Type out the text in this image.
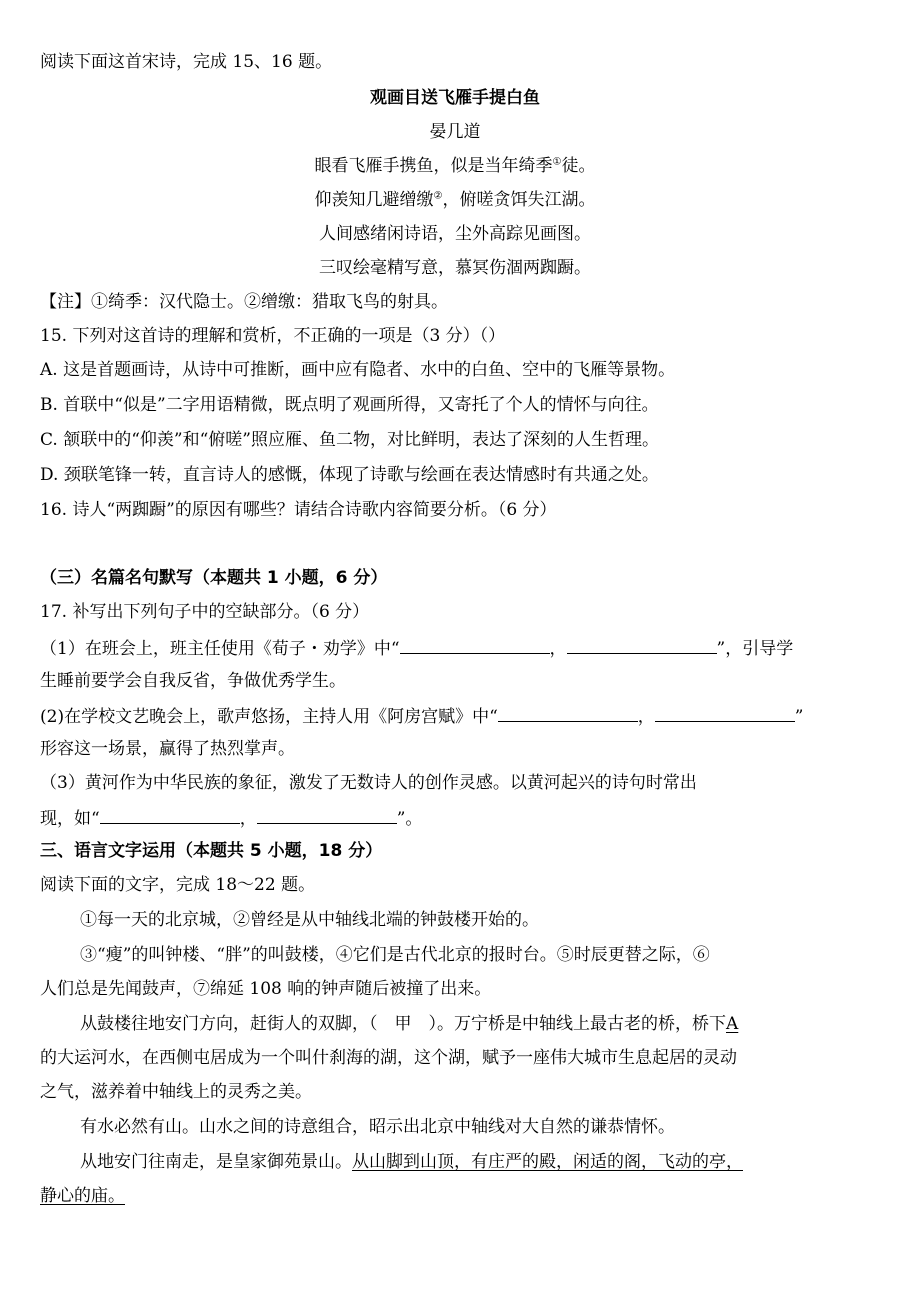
阅读下面这首宋诗，完成 15、16 题。
观画目送飞雁手提白鱼
晏几道
眼看飞雁手携鱼，似是当年绮季①徒。
仰羡知几避缯缴②，俯嗟贪饵失江湖。
人间感绪闲诗语，尘外高踪见画图。
三叹绘毫精写意，慕冥伤涸两踟蹰。
【注】①绮季：汉代隐士。②缯缴：猎取飞鸟的射具。
15. 下列对这首诗的理解和赏析，不正确的一项是（3 分）（）
A. 这是首题画诗，从诗中可推断，画中应有隐者、水中的白鱼、空中的飞雁等景物。
B. 首联中“似是”二字用语精微，既点明了观画所得，又寄托了个人的情怀与向往。
C. 颔联中的“仰羡”和“俯嗟”照应雁、鱼二物，对比鲜明，表达了深刻的人生哲理。
D. 颈联笔锋一转，直言诗人的感慨，体现了诗歌与绘画在表达情感时有共通之处。
16. 诗人“两踟蹰”的原因有哪些？请结合诗歌内容简要分析。（6 分）
（三）名篇名句默写（本题共 1 小题，6 分）
17. 补写出下列句子中的空缺部分。（6 分）
（1）在班会上，班主任使用《荀子・劝学》中“	，	”，引导学
生睡前要学会自我反省，争做优秀学生。
(2)在学校文艺晚会上，歌声悠扬，主持人用《阿房宫赋》中“	，	”
形容这一场景，赢得了热烈掌声。
（3）黄河作为中华民族的象征，激发了无数诗人的创作灵感。以黄河起兴的诗句时常出
现，如“	，	”。
三、语言文字运用（本题共 5 小题，18 分）
阅读下面的文字，完成 18～22 题。
①每一天的北京城，②曾经是从中轴线北端的钟鼓楼开始的。
③“瘦”的叫钟楼、“胖”的叫鼓楼，④它们是古代北京的报时台。⑤时辰更替之际，⑥
人们总是先闻鼓声，⑦绵延 108 响的钟声随后被撞了出来。
从鼓楼往地安门方向，赶街人的双脚，（　甲　）。万宁桥是中轴线上最古老的桥，桥下A
的大运河水，在西侧屯居成为一个叫什刹海的湖，这个湖，赋予一座伟大城市生息起居的灵动
之气，滋养着中轴线上的灵秀之美。
有水必然有山。山水之间的诗意组合，昭示出北京中轴线对大自然的谦恭情怀。
从地安门往南走，是皇家御苑景山。从山脚到山顶，有庄严的殿，闲适的阁，飞动的亭，
静心的庙。
